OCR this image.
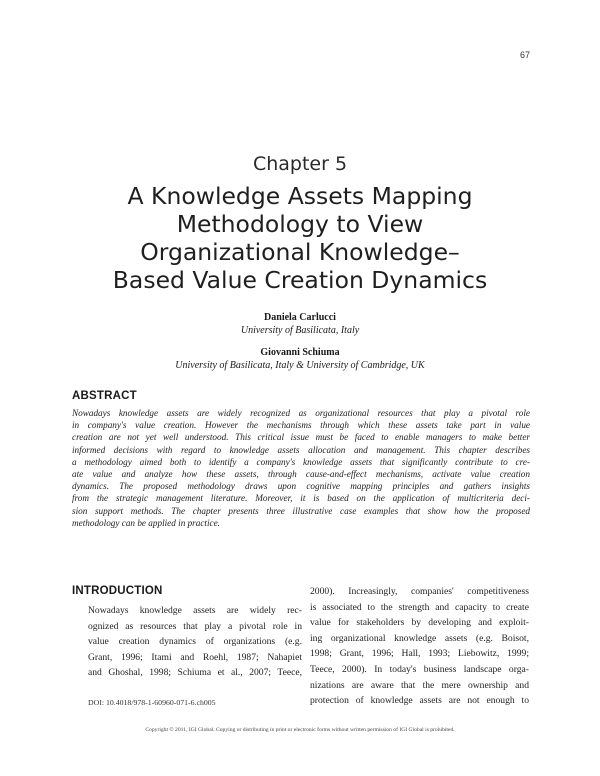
67
Chapter 5
A Knowledge Assets Mapping
Methodology to View
Organizational Knowledge–
Based Value Creation Dynamics
Daniela Carlucci
University of Basilicata, Italy
Giovanni Schiuma
University of Basilicata, Italy & University of Cambridge, UK
ABSTRACT
Nowadays knowledge assets are widely recognized as organizational resources that play a pivotal role
in company's value creation. However the mechanisms through which these assets take part in value
creation are not yet well understood. This critical issue must be faced to enable managers to make better
informed decisions with regard to knowledge assets allocation and management. This chapter describes
a methodology aimed both to identify a company's knowledge assets that significantly contribute to cre-
ate value and analyze how these assets, through cause-and-effect mechanisms, activate value creation
dynamics. The proposed methodology draws upon cognitive mapping principles and gathers insights
from the strategic management literature. Moreover, it is based on the application of multicriteria deci-
sion support methods. The chapter presents three illustrative case examples that show how the proposed
methodology can be applied in practice.
INTRODUCTION
Nowadays knowledge assets are widely rec-
ognized as resources that play a pivotal role in
value creation dynamics of organizations (e.g.
Grant, 1996; Itami and Roehl, 1987; Nahapiet
and Ghoshal, 1998; Schiuma et al., 2007; Teece,
2000). Increasingly, companies' competitiveness
is associated to the strength and capacity to create
value for stakeholders by developing and exploit-
ing organizational knowledge assets (e.g. Boisot,
1998; Grant, 1996; Hall, 1993; Liebowitz, 1999;
Teece, 2000). In today's business landscape orga-
nizations are aware that the mere ownership and
protection of knowledge assets are not enough to
DOI: 10.4018/978-1-60960-071-6.ch005
Copyright © 2011, IGI Global. Copying or distributing in print or electronic forms without written permission of IGI Global is prohibited.
